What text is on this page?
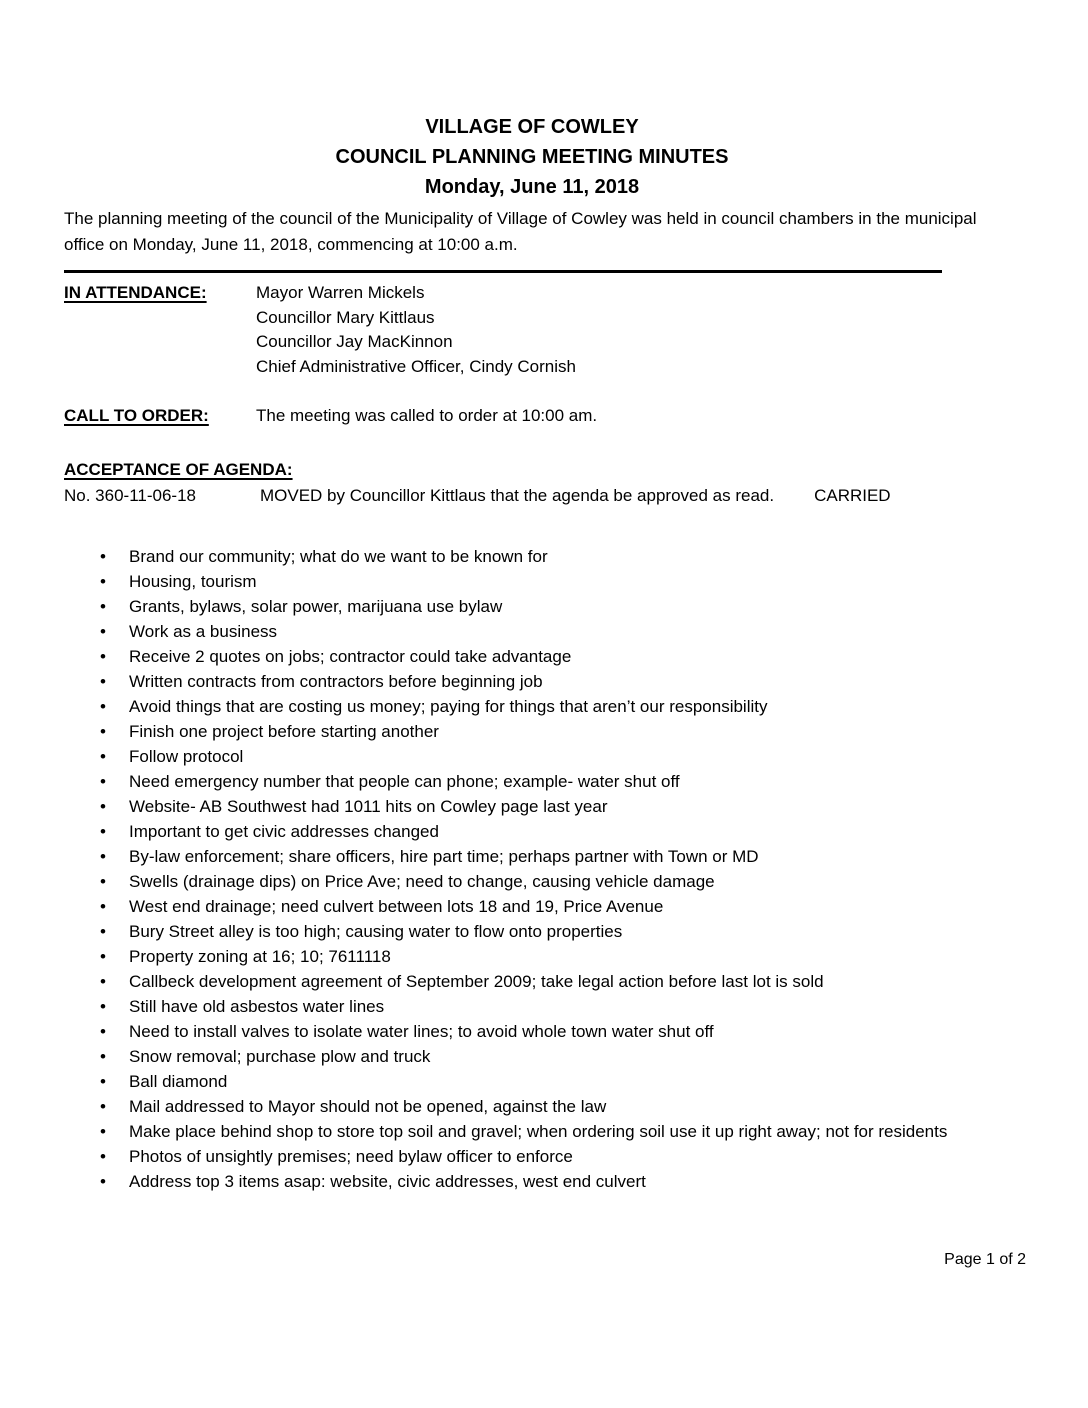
VILLAGE OF COWLEY
COUNCIL PLANNING MEETING MINUTES
Monday, June 11, 2018

The planning meeting of the council of the Municipality of Village of Cowley was held in council chambers in the municipal office on Monday, June 11, 2018, commencing at 10:00 a.m.

IN ATTENDANCE:	Mayor Warren Mickels
Councillor Mary Kittlaus
Councillor Jay MacKinnon
Chief Administrative Officer, Cindy Cornish
CALL TO ORDER:	The meeting was called to order at 10:00 am.
ACCEPTANCE OF AGENDA:
No. 360-11-06-18	MOVED by Councillor Kittlaus that the agenda be approved as read. CARRIED
•
Brand our community; what do we want to be known for
•
Housing, tourism
•
Grants, bylaws, solar power, marijuana use bylaw
•
Work as a business
•
Receive 2 quotes on jobs; contractor could take advantage
•
Written contracts from contractors before beginning job
•
Avoid things that are costing us money; paying for things that aren’t our responsibility
•
Finish one project before starting another
•
Follow protocol
•
Need emergency number that people can phone; example- water shut off
•
Website- AB Southwest had 1011 hits on Cowley page last year
•
Important to get civic addresses changed
•
By-law enforcement; share officers, hire part time; perhaps partner with Town or MD
•
Swells (drainage dips) on Price Ave; need to change, causing vehicle damage
•
West end drainage; need culvert between lots 18 and 19, Price Avenue
•
Bury Street alley is too high; causing water to flow onto properties
•
Property zoning at 16; 10; 7611118
•
Callbeck development agreement of September 2009; take legal action before last lot is sold
•
Still have old asbestos water lines
•
Need to install valves to isolate water lines; to avoid whole town water shut off
•
Snow removal; purchase plow and truck
•
Ball diamond
•
Mail addressed to Mayor should not be opened, against the law
•
Make place behind shop to store top soil and gravel; when ordering soil use it up right away; not for residents
•
Photos of unsightly premises; need bylaw officer to enforce
•
Address top 3 items asap: website, civic addresses, west end culvert
Page 1 of 2
